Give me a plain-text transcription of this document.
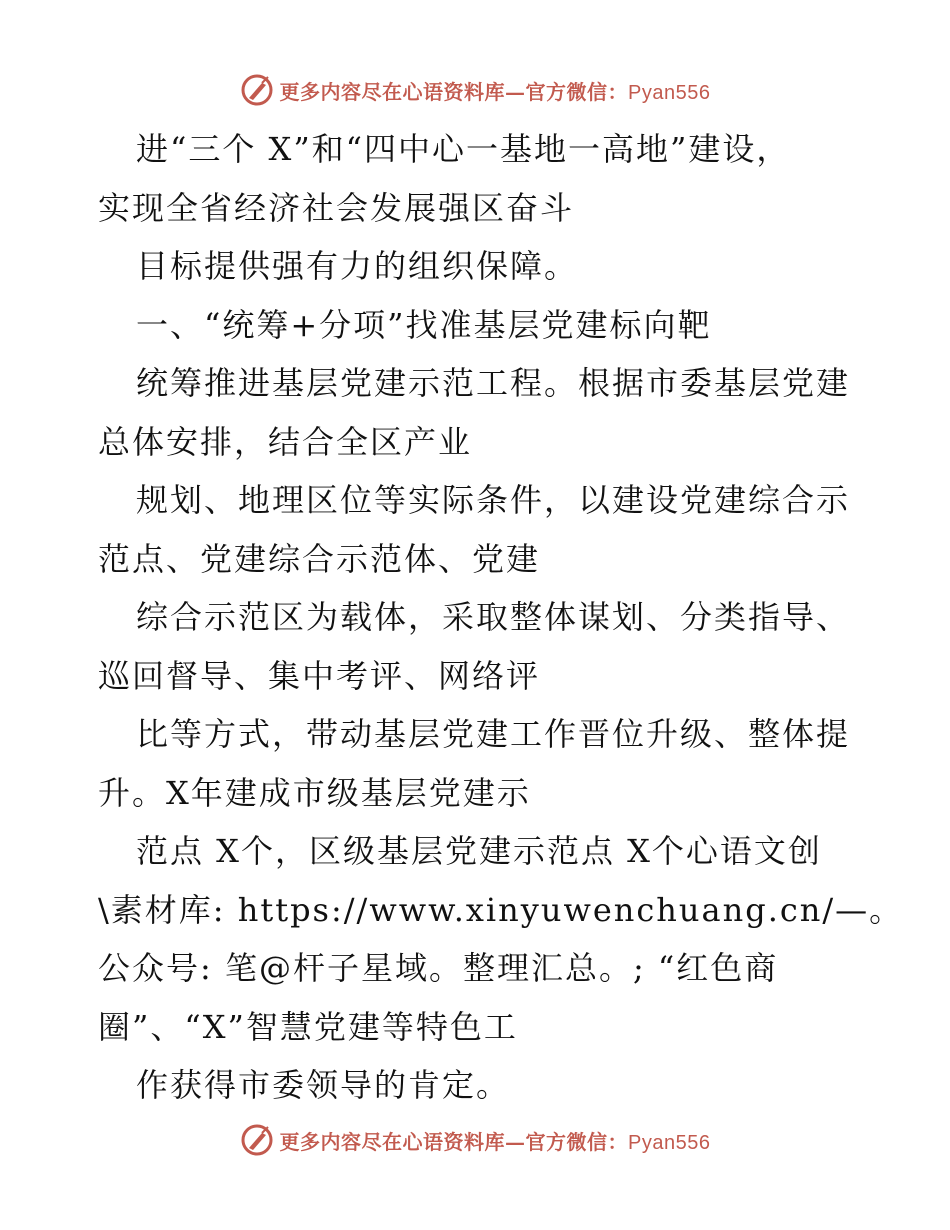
更多内容尽在心语资料库—官方微信：Pyan556
进“三个 X”和“四中心一基地一高地”建设，
实现全省经济社会发展强区奋斗
目标提供强有力的组织保障。
一、“统筹+分项”找准基层党建标向靶
统筹推进基层党建示范工程。根据市委基层党建
总体安排，结合全区产业
规划、地理区位等实际条件，以建设党建综合示
范点、党建综合示范体、党建
综合示范区为载体，采取整体谋划、分类指导、
巡回督导、集中考评、网络评
比等方式，带动基层党建工作晋位升级、整体提
升。X年建成市级基层党建示
范点 X个，区级基层党建示范点 X个心语文创
\素材库: https://www.xinyuwenchuang.cn/—。
公众号: 笔@杆子星域。整理汇总。; “红色商
圈”、“X”智慧党建等特色工
作获得市委领导的肯定。
更多内容尽在心语资料库—官方微信：Pyan556
